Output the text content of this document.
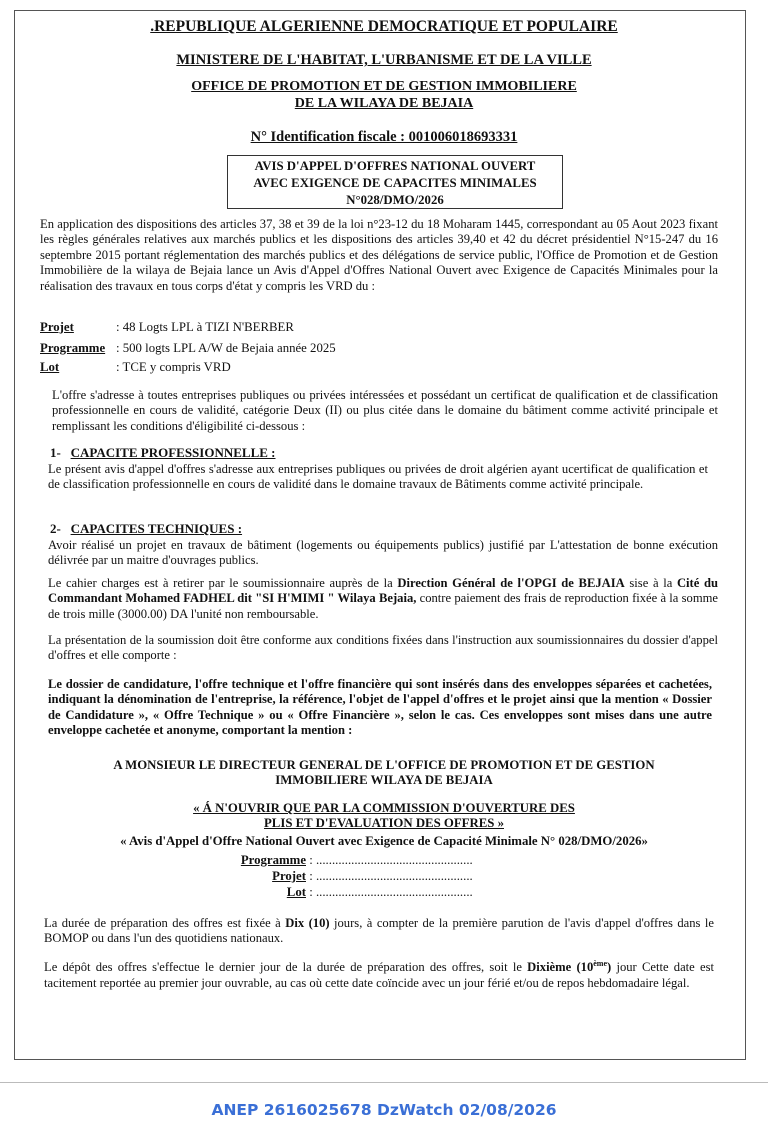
.REPUBLIQUE ALGERIENNE DEMOCRATIQUE ET POPULAIRE
MINISTERE DE L'HABITAT, L'URBANISME ET DE LA VILLE
OFFICE DE PROMOTION ET DE GESTION IMMOBILIERE
DE LA WILAYA DE BEJAIA
N° Identification fiscale : 001006018693331
AVIS D'APPEL D'OFFRES NATIONAL OUVERT
AVEC EXIGENCE DE CAPACITES MINIMALES
N°028/DMO/2026
En application des dispositions des articles 37, 38 et 39 de la loi n°23-12 du 18 Moharam 1445, correspondant au 05 Aout 2023 fixant les règles générales relatives aux marchés publics et les dispositions des articles 39,40 et 42 du décret présidentiel N°15-247 du 16 septembre 2015 portant réglementation des marchés publics et des délégations de service public, l'Office de Promotion et de Gestion Immobilière de la wilaya de Bejaia lance un Avis d'Appel d'Offres National Ouvert avec Exigence de Capacités Minimales pour la réalisation des travaux en tous corps d'état y compris les VRD du :
Projet	: 48 Logts LPL à TIZI N'BERBER
Programme : 500 logts LPL A/W de Bejaia année 2025
Lot	: TCE y compris VRD
L'offre s'adresse à toutes entreprises publiques ou privées intéressées et possédant un certificat de qualification et de classification professionnelle en cours de validité, catégorie Deux (II) ou plus citée dans le domaine du bâtiment comme activité principale et remplissant les conditions d'éligibilité ci-dessous :
1- CAPACITE PROFESSIONNELLE :
Le présent avis d'appel d'offres s'adresse aux entreprises publiques ou privées de droit algérien ayant ucertificat de qualification et de classification professionnelle en cours de validité dans le domaine travaux de Bâtiments comme activité principale.
2- CAPACITES TECHNIQUES :
Avoir réalisé un projet en travaux de bâtiment (logements ou équipements publics) justifié par L'attestation de bonne exécution délivrée par un maitre d'ouvrages publics.
Le cahier charges est à retirer par le soumissionnaire auprès de la Direction Général de l'OPGI de BEJAIA sise à la Cité du Commandant Mohamed FADHEL dit "SI H'MIMI " Wilaya Bejaia, contre paiement des frais de reproduction fixée à la somme de trois mille (3000.00) DA l'unité non remboursable.
La présentation de la soumission doit être conforme aux conditions fixées dans l'instruction aux soumissionnaires du dossier d'appel d'offres et elle comporte :
Le dossier de candidature, l'offre technique et l'offre financière qui sont insérés dans des enveloppes séparées et cachetées, indiquant la dénomination de l'entreprise, la référence, l'objet de l'appel d'offres et le projet ainsi que la mention « Dossier de Candidature », « Offre Technique » ou « Offre Financière », selon le cas. Ces enveloppes sont mises dans une autre enveloppe cachetée et anonyme, comportant la mention :
A MONSIEUR LE DIRECTEUR GENERAL DE L'OFFICE DE PROMOTION ET DE GESTION
IMMOBILIERE WILAYA DE BEJAIA
« Á N'OUVRIR QUE PAR LA COMMISSION D'OUVERTURE DES
PLIS ET D'EVALUATION DES OFFRES »
« Avis d'Appel d'Offre National Ouvert avec Exigence de Capacité Minimale N° 028/DMO/2026»
Programme : .................................................
Projet : .................................................
Lot : .................................................
La durée de préparation des offres est fixée à Dix (10) jours, à compter de la première parution de l'avis d'appel d'offres dans le BOMOP ou dans l'un des quotidiens nationaux.
Le dépôt des offres s'effectue le dernier jour de la durée de préparation des offres, soit le Dixième (10ème) jour Cette date est tacitement reportée au premier jour ouvrable, au cas où cette date coïncide avec un jour férié et/ou de repos hebdomadaire légal.
ANEP 2616025678 DzWatch 02/08/2026
